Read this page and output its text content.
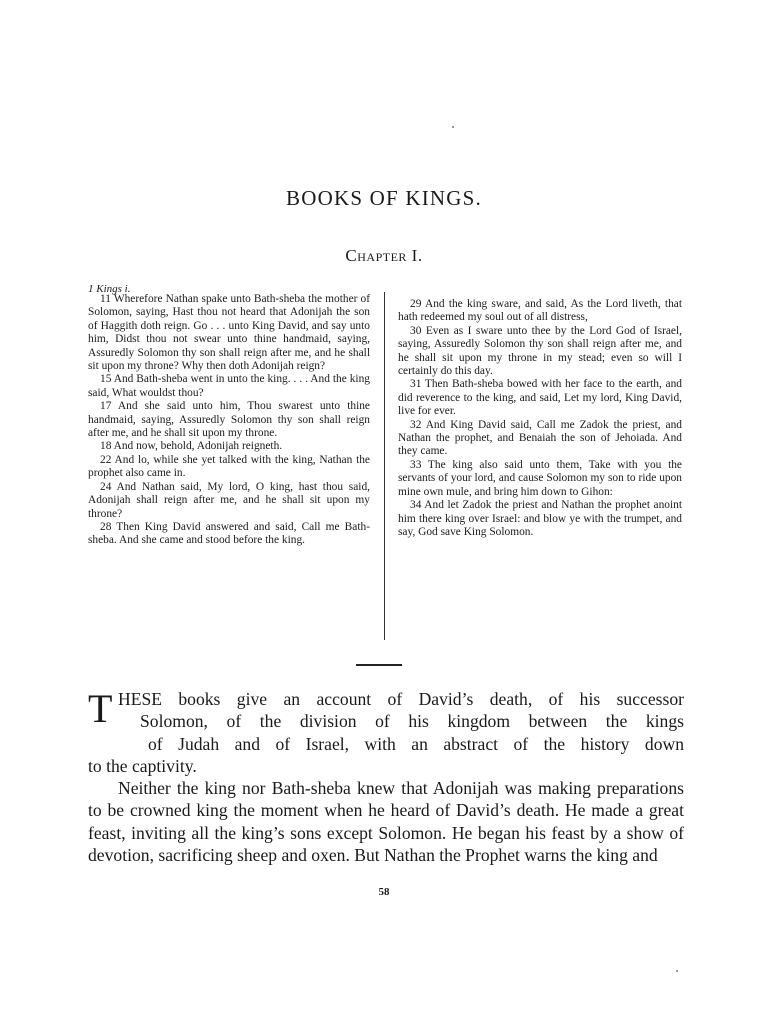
BOOKS OF KINGS.
Chapter I.
1 Kings i.

11 Wherefore Nathan spake unto Bath-sheba the mother of Solomon, saying, Hast thou not heard that Adonijah the son of Haggith doth reign. Go . . . unto King David, and say unto him, Didst thou not swear unto thine handmaid, saying, Assuredly Solomon thy son shall reign after me, and he shall sit upon my throne? Why then doth Adonijah reign?

15 And Bath-sheba went in unto the king. . . . And the king said, What wouldst thou?

17 And she said unto him, Thou swarest unto thine handmaid, saying, Assuredly Solomon thy son shall reign after me, and he shall sit upon my throne.

18 And now, behold, Adonijah reigneth.

22 And lo, while she yet talked with the king, Nathan the prophet also came in.

24 And Nathan said, My lord, O king, hast thou said, Adonijah shall reign after me, and he shall sit upon my throne?

28 Then King David answered and said, Call me Bath-sheba. And she came and stood before the king.

29 And the king sware, and said, As the Lord liveth, that hath redeemed my soul out of all distress,

30 Even as I sware unto thee by the Lord God of Israel, saying, Assuredly Solomon thy son shall reign after me, and he shall sit upon my throne in my stead; even so will I certainly do this day.

31 Then Bath-sheba bowed with her face to the earth, and did reverence to the king, and said, Let my lord, King David, live for ever.

32 And King David said, Call me Zadok the priest, and Nathan the prophet, and Benaiah the son of Jehoiada. And they came.

33 The king also said unto them, Take with you the servants of your lord, and cause Solomon my son to ride upon mine own mule, and bring him down to Gihon:

34 And let Zadok the priest and Nathan the prophet anoint him there king over Israel: and blow ye with the trumpet, and say, God save King Solomon.

T HESE books give an account of David’s death, of his successor
Solomon, of the division of his kingdom between the kings
of Judah and of Israel, with an abstract of the history down
to the captivity.

Neither the king nor Bath-sheba knew that Adonijah was making preparations to be crowned king the moment when he heard of David’s death. He made a great feast, inviting all the king’s sons except Solomon. He began his feast by a show of devotion, sacrificing sheep and oxen. But Nathan the Prophet warns the king and

58
